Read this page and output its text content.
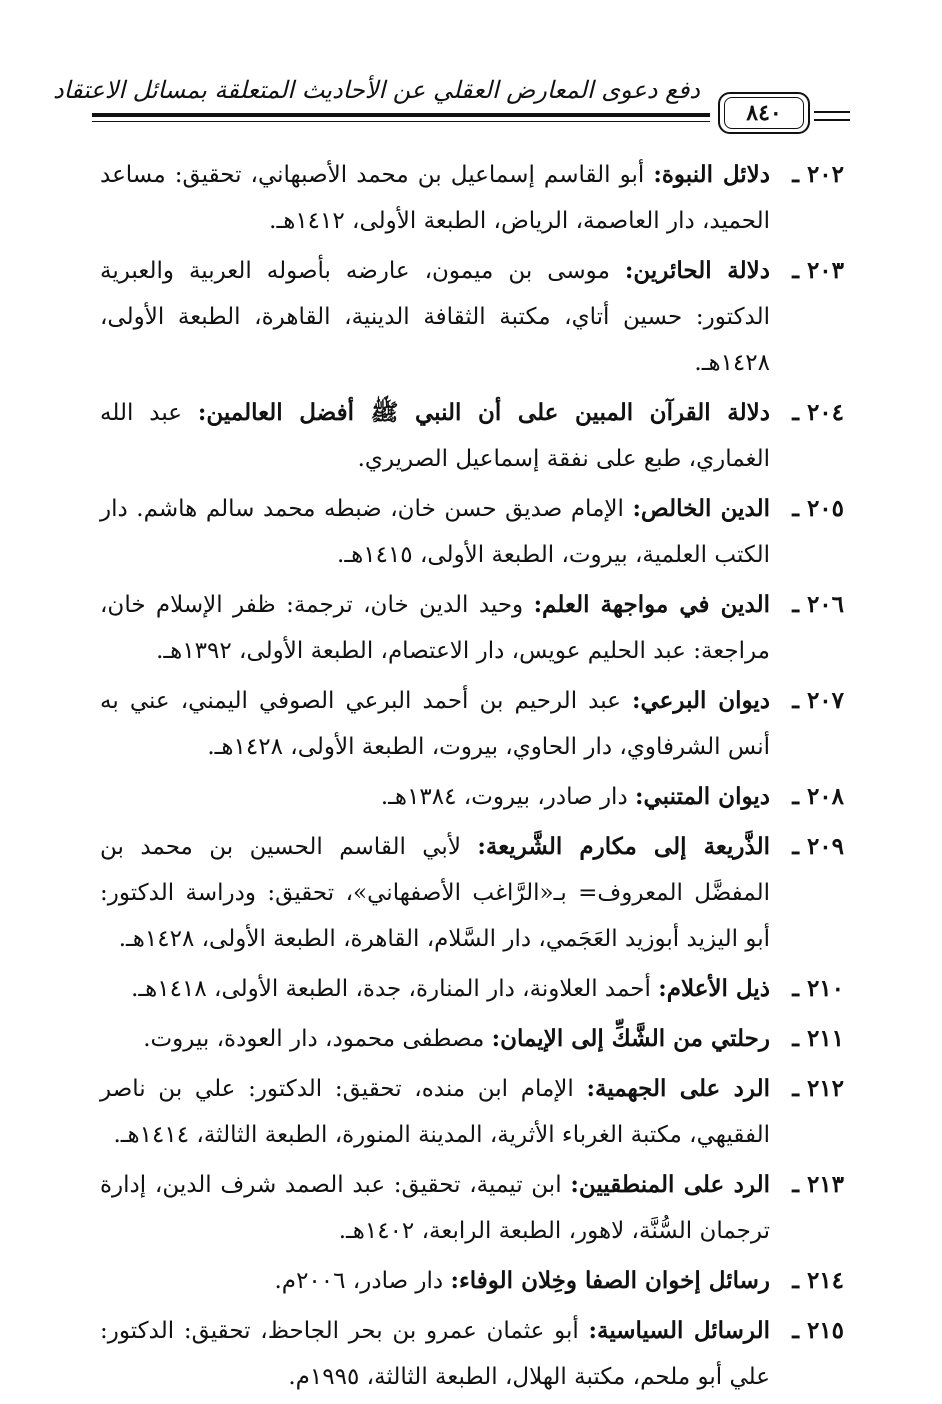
دفع دعوى المعارض العقلي عن الأحاديث المتعلقة بمسائل الاعتقاد
٨٤٠
٢٠٢ ـ
دلائل النبوة: أبو القاسم إسماعيل بن محمد الأصبهاني، تحقيق: مساعد الحميد، دار العاصمة، الرياض، الطبعة الأولى، ١٤١٢هـ.
٢٠٣ ـ
دلالة الحائرين: موسى بن ميمون، عارضه بأصوله العربية والعبرية الدكتور: حسين أتاي، مكتبة الثقافة الدينية، القاهرة، الطبعة الأولى، ١٤٢٨هـ.
٢٠٤ ـ
دلالة القرآن المبين على أن النبي ﷺ أفضل العالمين: عبد الله الغماري، طبع على نفقة إسماعيل الصريري.
٢٠٥ ـ
الدين الخالص: الإمام صديق حسن خان، ضبطه محمد سالم هاشم. دار الكتب العلمية، بيروت، الطبعة الأولى، ١٤١٥هـ.
٢٠٦ ـ
الدين في مواجهة العلم: وحيد الدين خان، ترجمة: ظفر الإسلام خان، مراجعة: عبد الحليم عويس، دار الاعتصام، الطبعة الأولى، ١٣٩٢هـ.
٢٠٧ ـ
ديوان البرعي: عبد الرحيم بن أحمد البرعي الصوفي اليمني، عني به أنس الشرفاوي، دار الحاوي، بيروت، الطبعة الأولى، ١٤٢٨هـ.
٢٠٨ ـ
ديوان المتنبي: دار صادر، بيروت، ١٣٨٤هـ.
٢٠٩ ـ
الذَّريعة إلى مكارم الشَّريعة: لأبي القاسم الحسين بن محمد بن المفضَّل المعروف= بـ«الرَّاغب الأصفهاني»، تحقيق: ودراسة الدكتور: أبو اليزيد أبوزيد العَجَمي، دار السَّلام، القاهرة، الطبعة الأولى، ١٤٢٨هـ.
٢١٠ ـ
ذيل الأعلام: أحمد العلاونة، دار المنارة، جدة، الطبعة الأولى، ١٤١٨هـ.
٢١١ ـ
رحلتي من الشَّكِّ إلى الإيمان: مصطفى محمود، دار العودة، بيروت.
٢١٢ ـ
الرد على الجهمية: الإمام ابن منده، تحقيق: الدكتور: علي بن ناصر الفقيهي، مكتبة الغرباء الأثرية، المدينة المنورة، الطبعة الثالثة، ١٤١٤هـ.
٢١٣ ـ
الرد على المنطقيين: ابن تيمية، تحقيق: عبد الصمد شرف الدين، إدارة ترجمان السُّنَّة، لاهور، الطبعة الرابعة، ١٤٠٢هـ.
٢١٤ ـ
رسائل إخوان الصفا وخِلان الوفاء: دار صادر، ٢٠٠٦م.
٢١٥ ـ
الرسائل السياسية: أبو عثمان عمرو بن بحر الجاحظ، تحقيق: الدكتور: علي أبو ملحم، مكتبة الهلال، الطبعة الثالثة، ١٩٩٥م.
